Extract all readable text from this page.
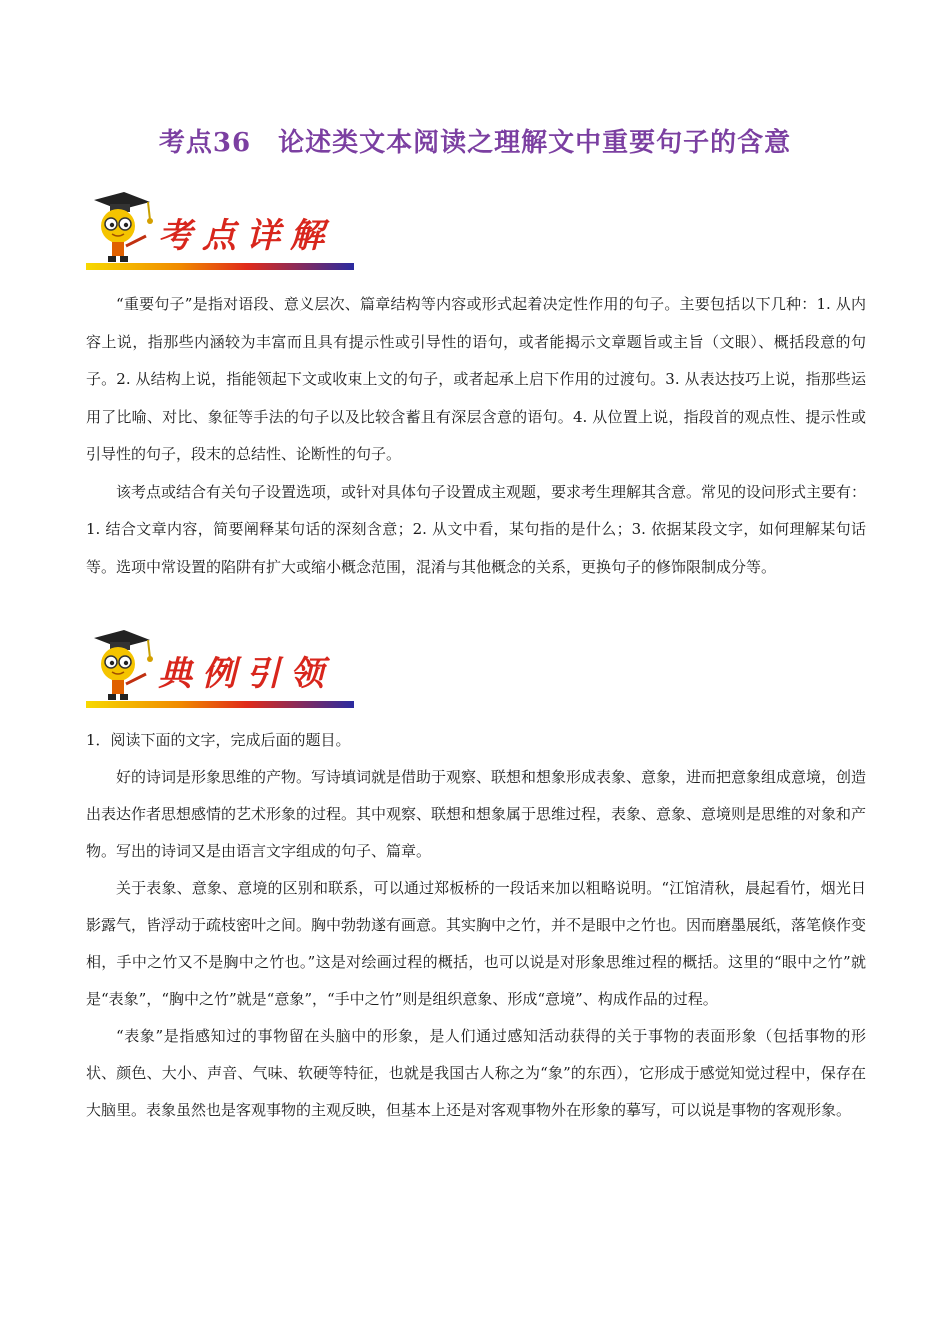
考点36　论述类文本阅读之理解文中重要句子的含意
考点详解

“重要句子”是指对语段、意义层次、篇章结构等内容或形式起着决定性作用的句子。主要包括以下几种：1. 从内容上说，指那些内涵较为丰富而且具有提示性或引导性的语句，或者能揭示文章题旨或主旨（文眼）、概括段意的句子。2. 从结构上说，指能领起下文或收束上文的句子，或者起承上启下作用的过渡句。3. 从表达技巧上说，指那些运用了比喻、对比、象征等手法的句子以及比较含蓄且有深层含意的语句。4. 从位置上说，指段首的观点性、提示性或引导性的句子，段末的总结性、论断性的句子。

该考点或结合有关句子设置选项，或针对具体句子设置成主观题，要求考生理解其含意。常见的设问形式主要有：1. 结合文章内容，简要阐释某句话的深刻含意；2. 从文中看，某句指的是什么；3. 依据某段文字，如何理解某句话等。选项中常设置的陷阱有扩大或缩小概念范围，混淆与其他概念的关系，更换句子的修饰限制成分等。

典例引领

1．阅读下面的文字，完成后面的题目。

好的诗词是形象思维的产物。写诗填词就是借助于观察、联想和想象形成表象、意象，进而把意象组成意境，创造出表达作者思想感情的艺术形象的过程。其中观察、联想和想象属于思维过程，表象、意象、意境则是思维的对象和产物。写出的诗词又是由语言文字组成的句子、篇章。

关于表象、意象、意境的区别和联系，可以通过郑板桥的一段话来加以粗略说明。“江馆清秋，晨起看竹，烟光日影露气，皆浮动于疏枝密叶之间。胸中勃勃遂有画意。其实胸中之竹，并不是眼中之竹也。因而磨墨展纸，落笔倏作变相，手中之竹又不是胸中之竹也。”这是对绘画过程的概括，也可以说是对形象思维过程的概括。这里的“眼中之竹”就是“表象”，“胸中之竹”就是“意象”，“手中之竹”则是组织意象、形成“意境”、构成作品的过程。

“表象”是指感知过的事物留在头脑中的形象，是人们通过感知活动获得的关于事物的表面形象（包括事物的形状、颜色、大小、声音、气味、软硬等特征，也就是我国古人称之为“象”的东西），它形成于感觉知觉过程中，保存在大脑里。表象虽然也是客观事物的主观反映，但基本上还是对客观事物外在形象的摹写，可以说是事物的客观形象。
